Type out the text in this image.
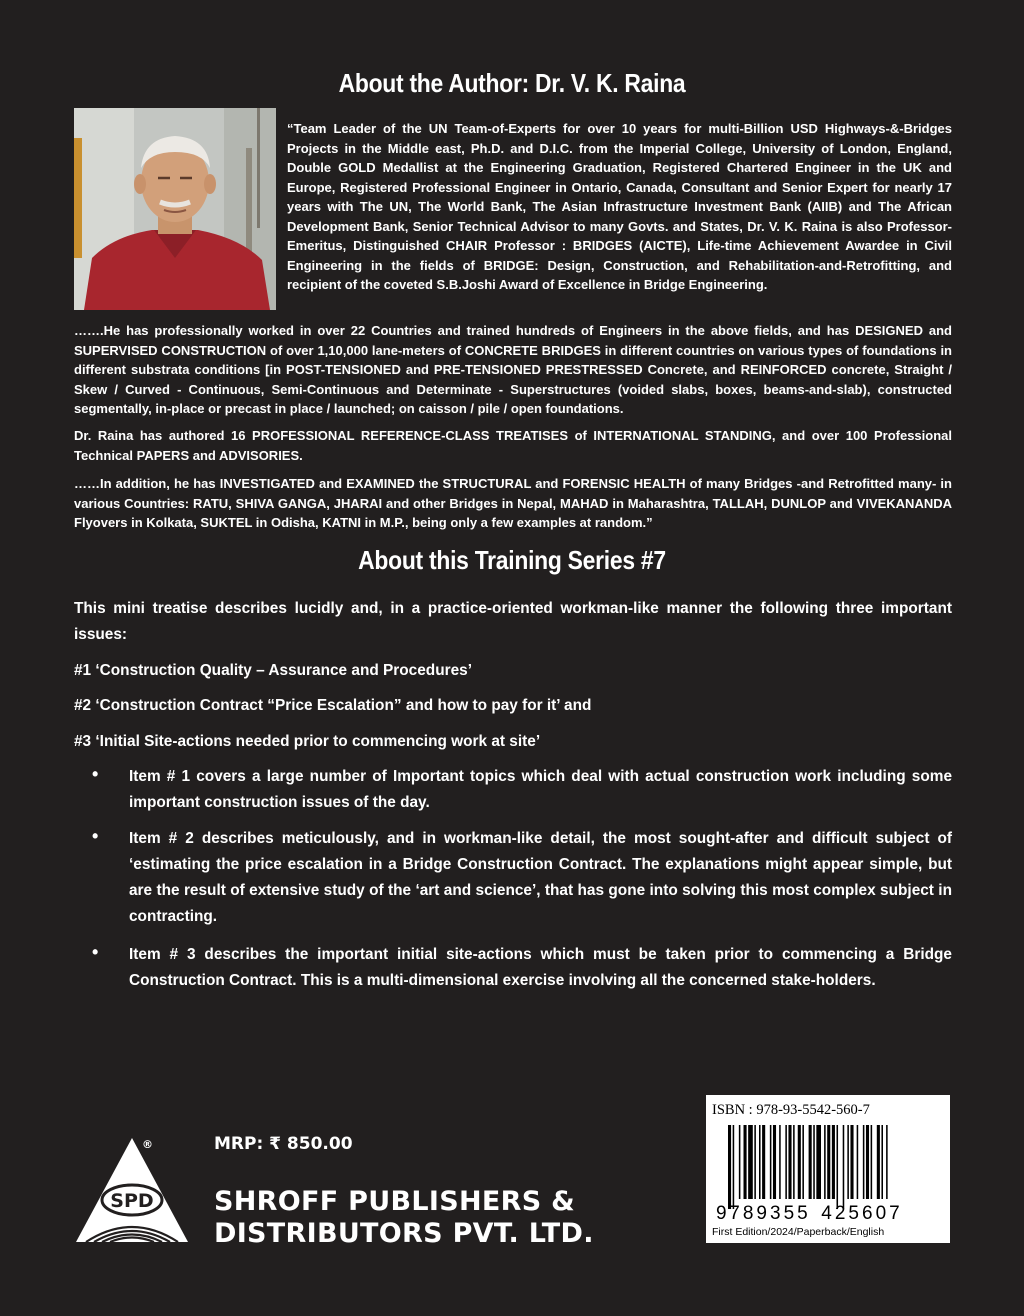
About the Author: Dr. V. K. Raina

“Team Leader of the UN Team-of-Experts for over 10 years for multi-Billion USD Highways-&-Bridges Projects in the Middle east, Ph.D. and D.I.C. from the Imperial College, University of London, England, Double GOLD Medallist at the Engineering Graduation, Registered Chartered Engineer in the UK and Europe, Registered Professional Engineer in Ontario, Canada, Consultant and Senior Expert for nearly 17 years with The UN, The World Bank, The Asian Infrastructure Investment Bank (AIIB) and The African Development Bank, Senior Technical Advisor to many Govts. and States, Dr. V. K. Raina is also Professor-Emeritus, Distinguished CHAIR Professor : BRIDGES (AICTE), Life-time Achievement Awardee in Civil Engineering in the fields of BRIDGE: Design, Construction, and Rehabilitation-and-Retrofitting, and recipient of the coveted S.B.Joshi Award of Excellence in Bridge Engineering.

…….He has professionally worked in over 22 Countries and trained hundreds of Engineers in the above fields, and has DESIGNED and SUPERVISED CONSTRUCTION of over 1,10,000 lane-meters of CONCRETE BRIDGES in different countries on various types of foundations in different substrata conditions [in POST-TENSIONED and PRE-TENSIONED PRESTRESSED Concrete, and REINFORCED concrete, Straight / Skew / Curved - Continuous, Semi-Continuous and Determinate - Superstructures (voided slabs, boxes, beams-and-slab), constructed segmentally, in-place or precast in place / launched; on caisson / pile / open foundations.

Dr. Raina has authored 16 PROFESSIONAL REFERENCE-CLASS TREATISES of INTERNATIONAL STANDING, and over 100 Professional Technical PAPERS and ADVISORIES.

……In addition, he has INVESTIGATED and EXAMINED the STRUCTURAL and FORENSIC HEALTH of many Bridges -and Retrofitted many- in various Countries: RATU, SHIVA GANGA, JHARAI and other Bridges in Nepal, MAHAD in Maharashtra, TALLAH, DUNLOP and VIVEKANANDA Flyovers in Kolkata, SUKTEL in Odisha, KATNI in M.P., being only a few examples at random.”

About this Training Series #7
This mini treatise describes lucidly and, in a practice-oriented workman-like manner the following three important issues:
#1 ‘Construction Quality – Assurance and Procedures’
#2 ‘Construction Contract “Price Escalation” and how to pay for it’ and
#3 ‘Initial Site-actions needed prior to commencing work at site’
• Item # 1 covers a large number of Important topics which deal with actual construction work including some important construction issues of the day.
• Item # 2 describes meticulously, and in workman-like detail, the most sought-after and difficult subject of ‘estimating the price escalation in a Bridge Construction Contract. The explanations might appear simple, but are the result of extensive study of the ‘art and science’, that has gone into solving this most complex subject in contracting.
• Item # 3 describes the important initial site-actions which must be taken prior to commencing a Bridge Construction Contract. This is a multi-dimensional exercise involving all the concerned stake-holders.
SPD
®	MRP: ₹ 850.00
SHROFF PUBLISHERS &
DISTRIBUTORS PVT. LTD.
ISBN : 978-93-5542-560-7
9 789355 425607
First Edition/2024/Paperback/English
